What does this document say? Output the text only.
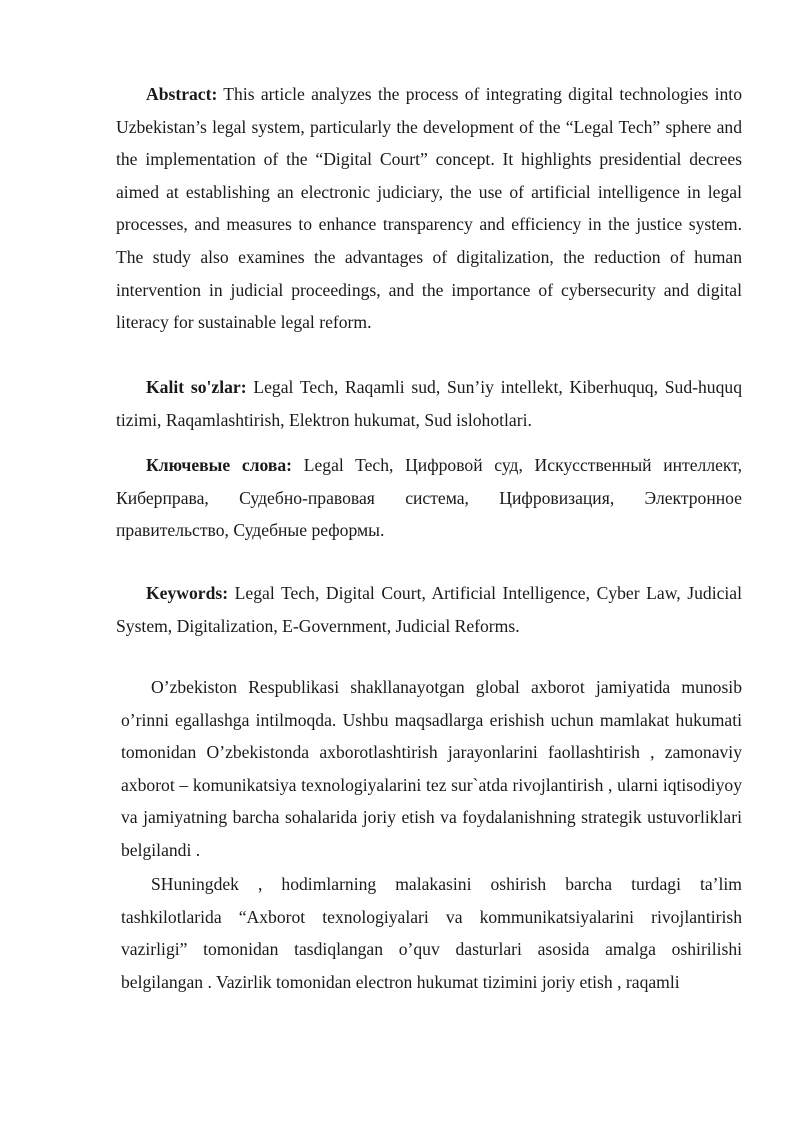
Abstract: This article analyzes the process of integrating digital technologies into Uzbekistan’s legal system, particularly the development of the “Legal Tech” sphere and the implementation of the “Digital Court” concept. It highlights presidential decrees aimed at establishing an electronic judiciary, the use of artificial intelligence in legal processes, and measures to enhance transparency and efficiency in the justice system. The study also examines the advantages of digitalization, the reduction of human intervention in judicial proceedings, and the importance of cybersecurity and digital literacy for sustainable legal reform.

Kalit so'zlar: Legal Tech, Raqamli sud, Sun’iy intellekt, Kiberhuquq, Sud-huquq tizimi, Raqamlashtirish, Elektron hukumat, Sud islohotlari.

Ключевые слова: Legal Tech, Цифровой суд, Искусственный интеллект, Киберправа, Судебно-правовая система, Цифровизация, Электронное правительство, Судебные реформы.

Keywords: Legal Tech, Digital Court, Artificial Intelligence, Cyber Law, Judicial System, Digitalization, E-Government, Judicial Reforms.

O’zbekiston Respublikasi shakllanayotgan global axborot jamiyatida munosib o’rinni egallashga intilmoqda. Ushbu maqsadlarga erishish uchun mamlakat hukumati tomonidan O’zbekistonda axborotlashtirish jarayonlarini faollashtirish , zamonaviy axborot – komunikatsiya texnologiyalarini tez sur`atda rivojlantirish , ularni iqtisodiyoy va jamiyatning barcha sohalarida joriy etish va foydalanishning strategik ustuvorliklari belgilandi .

SHuningdek , hodimlarning malakasini oshirish barcha turdagi ta’lim tashkilotlarida “Axborot texnologiyalari va kommunikatsiyalarini rivojlantirish vazirligi” tomonidan tasdiqlangan o’quv dasturlari asosida amalga oshirilishi belgilangan . Vazirlik tomonidan electron hukumat tizimini joriy etish , raqamli
